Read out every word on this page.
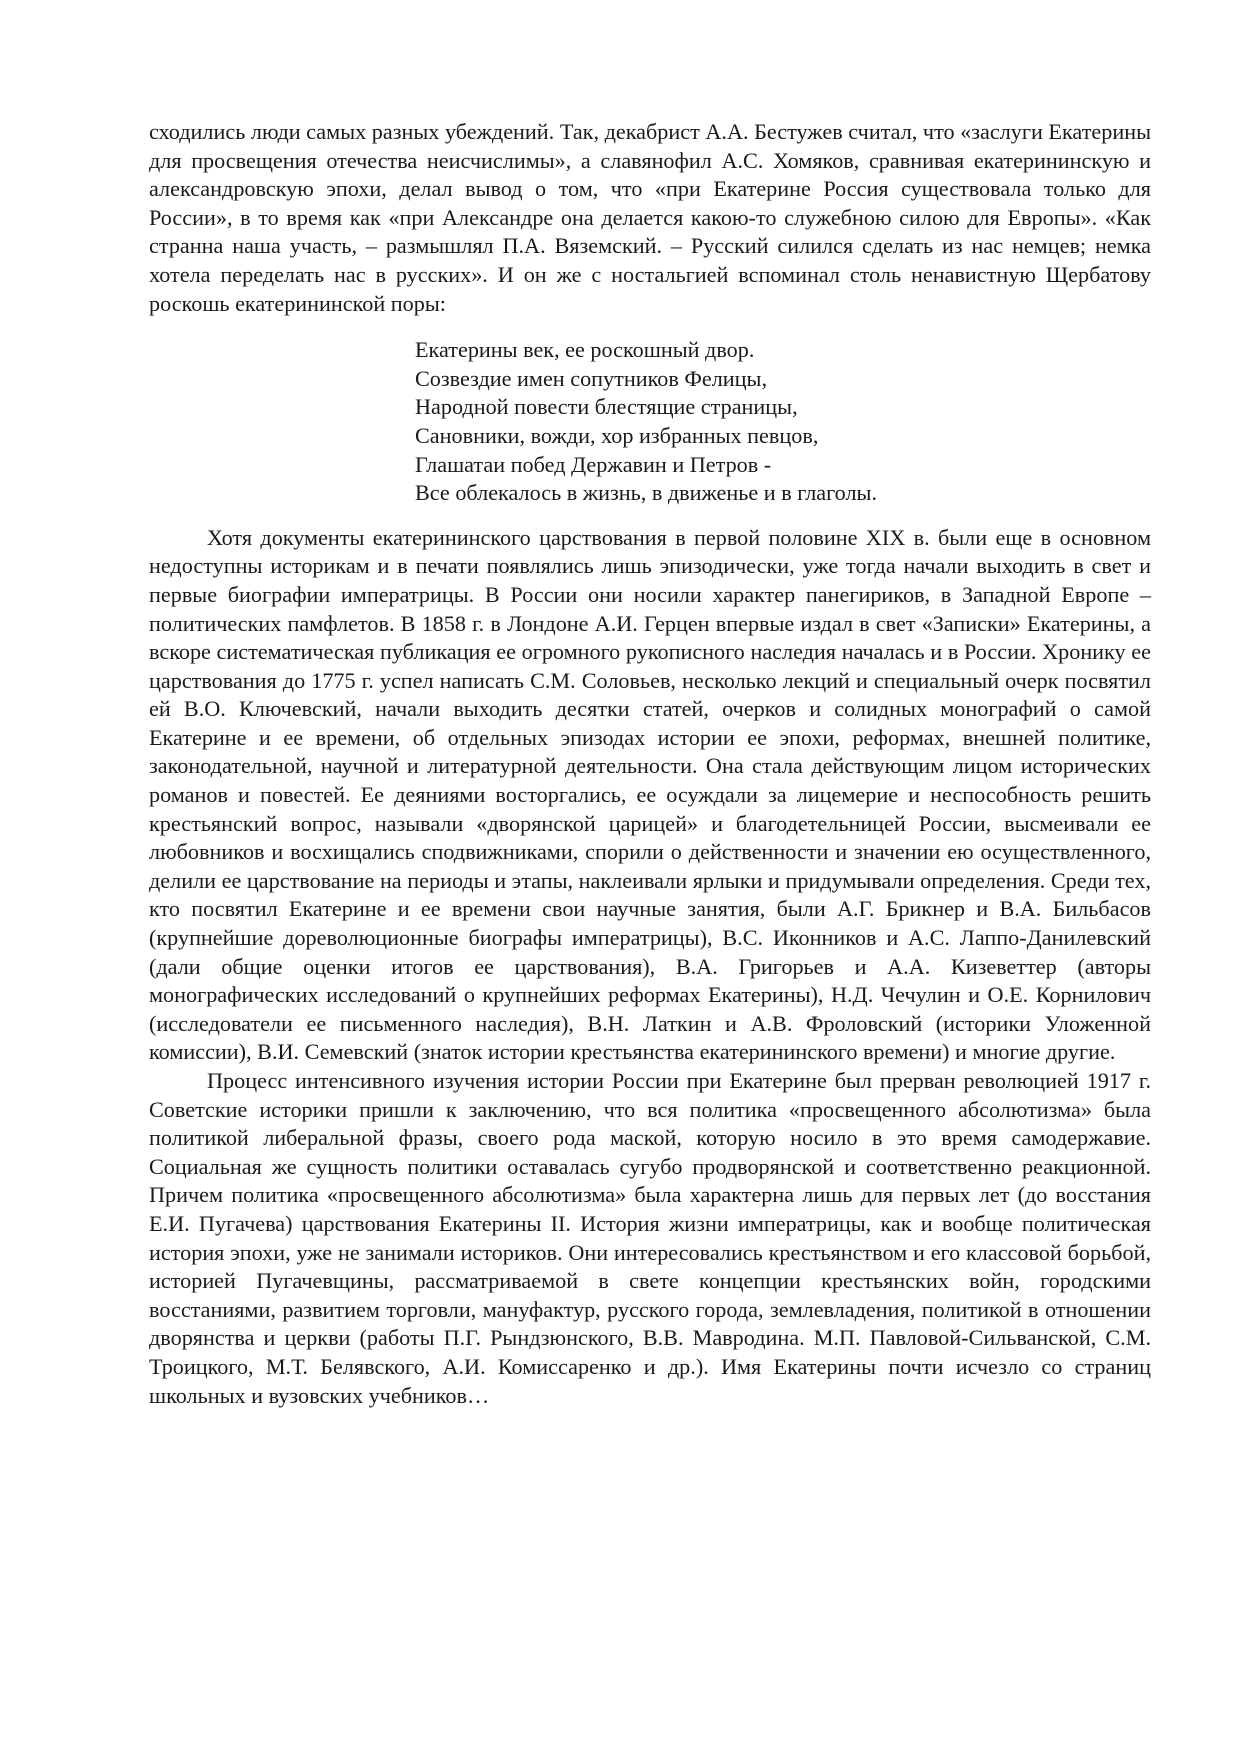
сходились люди самых разных убеждений. Так, декабрист А.А. Бестужев считал, что «заслуги Екатерины для просвещения отечества неисчислимы», а славянофил А.С. Хомяков, сравнивая екатерининскую и александровскую эпохи, делал вывод о том, что «при Екатерине Россия существовала только для России», в то время как «при Александре она делается какою-то служебною силою для Европы». «Как странна наша участь, – размышлял П.А. Вяземский. – Русский силился сделать из нас немцев; немка хотела переделать нас в русских». И он же с ностальгией вспоминал столь ненавистную Щербатову роскошь екатерининской поры:

Екатерины век, ее роскошный двор.
Созвездие имен сопутников Фелицы,
Народной повести блестящие страницы,
Сановники, вожди, хор избранных певцов,
Глашатаи побед Державин и Петров -
Все облекалось в жизнь, в движенье и в глаголы.

Хотя документы екатерининского царствования в первой половине XIX в. были еще в основном недоступны историкам и в печати появлялись лишь эпизодически, уже тогда начали выходить в свет и первые биографии императрицы. В России они носили характер панегириков, в Западной Европе – политических памфлетов. В 1858 г. в Лондоне А.И. Герцен впервые издал в свет «Записки» Екатерины, а вскоре систематическая публикация ее огромного рукописного наследия началась и в России. Хронику ее царствования до 1775 г. успел написать С.М. Соловьев, несколько лекций и специальный очерк посвятил ей В.О. Ключевский, начали выходить десятки статей, очерков и солидных монографий о самой Екатерине и ее времени, об отдельных эпизодах истории ее эпохи, реформах, внешней политике, законодательной, научной и литературной деятельности. Она стала действующим лицом исторических романов и повестей. Ее деяниями восторгались, ее осуждали за лицемерие и неспособность решить крестьянский вопрос, называли «дворянской царицей» и благодетельницей России, высмеивали ее любовников и восхищались сподвижниками, спорили о действенности и значении ею осуществленного, делили ее царствование на периоды и этапы, наклеивали ярлыки и придумывали определения. Среди тех, кто посвятил Екатерине и ее времени свои научные занятия, были А.Г. Брикнер и В.А. Бильбасов (крупнейшие дореволюционные биографы императрицы), В.С. Иконников и А.С. Лаппо-Данилевский (дали общие оценки итогов ее царствования), В.А. Григорьев и А.А. Кизеветтер (авторы монографических исследований о крупнейших реформах Екатерины), Н.Д. Чечулин и О.Е. Корнилович (исследователи ее письменного наследия), В.Н. Латкин и А.В. Фроловский (историки Уложенной комиссии), В.И. Семевский (знаток истории крестьянства екатерининского времени) и многие другие.

Процесс интенсивного изучения истории России при Екатерине был прерван революцией 1917 г. Советские историки пришли к заключению, что вся политика «просвещенного абсолютизма» была политикой либеральной фразы, своего рода маской, которую носило в это время самодержавие. Социальная же сущность политики оставалась сугубо продворянской и соответственно реакционной. Причем политика «просвещенного абсолютизма» была характерна лишь для первых лет (до восстания Е.И. Пугачева) царствования Екатерины II. История жизни императрицы, как и вообще политическая история эпохи, уже не занимали историков. Они интересовались крестьянством и его классовой борьбой, историей Пугачевщины, рассматриваемой в свете концепции крестьянских войн, городскими восстаниями, развитием торговли, мануфактур, русского города, землевладения, политикой в отношении дворянства и церкви (работы П.Г. Рындзюнского, В.В. Мавродина. М.П. Павловой-Сильванской, С.М. Троицкого, М.Т. Белявского, А.И. Комиссаренко и др.). Имя Екатерины почти исчезло со страниц школьных и вузовских учебников…
